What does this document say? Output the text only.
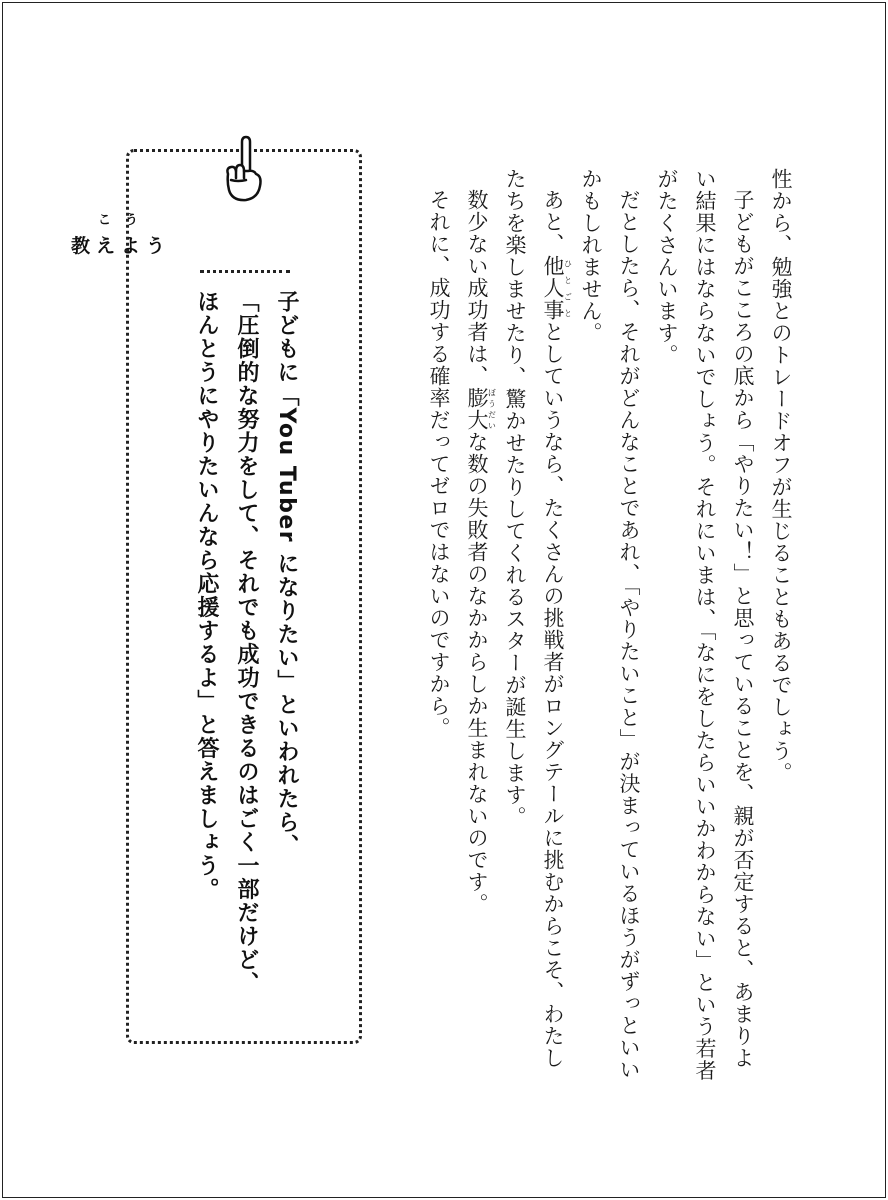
性から、勉強とのトレードオフが生じることもあるでしょう。

子どもがこころの底から「やりたい！」と思っていることを、親が否定すると、あまりよい結果にはならないでしょう。それにいまは、「なにをしたらいいかわからない」という若者がたくさんいます。

だとしたら、それがどんなことであれ、「やりたいこと」が決まっているほうがずっといいかもしれません。

あと、他人事ひとごととしていうなら、たくさんの挑戦者がロングテールに挑むからこそ、わたしたちを楽しませたり、驚かせたりしてくれるスターが誕生します。

数少ない成功者は、膨大ぼうだいな数の失敗者のなかからしか生まれないのです。

それに、成功する確率だってゼロではないのですから。

こう
教えよう

子どもに「You Tuber になりたい」といわれたら、

「圧倒的な努力をして、それでも成功できるのはごく一部だけど、

ほんとうにやりたいんなら応援するよ」と答えましょう。
